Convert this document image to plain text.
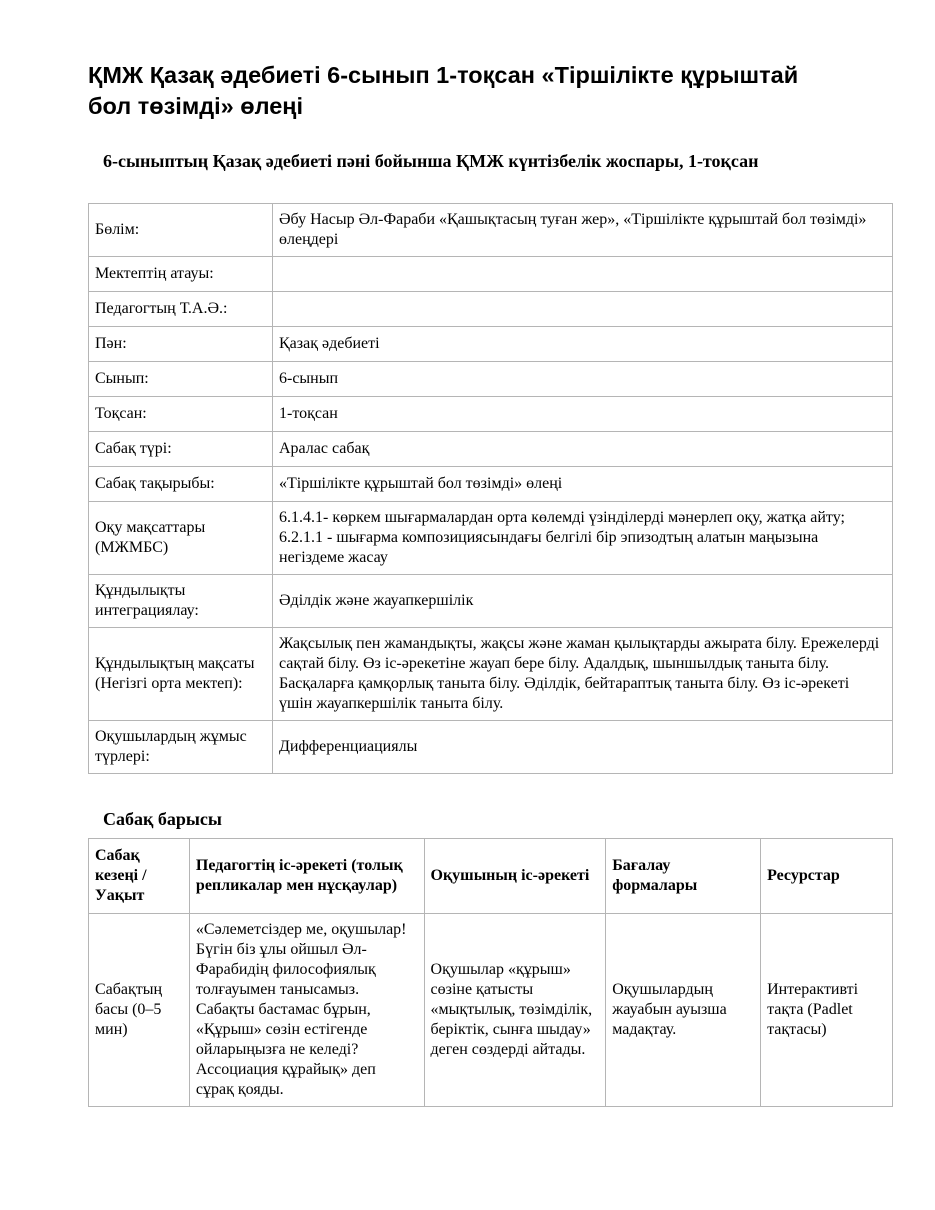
ҚМЖ Қазақ әдебиеті 6-сынып 1-тоқсан «Тіршілікте құрыштай бол төзімді» өлеңі
6-сыныптың Қазақ әдебиеті пәні бойынша ҚМЖ күнтізбелік жоспары, 1-тоқсан
Бөлім:	Әбу Насыр Әл-Фараби «Қашықтасың туған жер», «Тіршілікте құрыштай бол төзімді» өлеңдері
Мектептің атауы:	
Педагогтың Т.А.Ә.:	
Пән:	Қазақ әдебиеті
Сынып:	6-сынып
Тоқсан:	1-тоқсан
Сабақ түрі:	Аралас сабақ
Сабақ тақырыбы:	«Тіршілікте құрыштай бол төзімді» өлеңі
Оқу мақсаттары (МЖМБС)	6.1.4.1- көркем шығармалардан орта көлемді үзінділерді мәнерлеп оқу, жатқа айту; 6.2.1.1 - шығарма композициясындағы белгілі бір эпизодтың алатын маңызына негіздеме жасау
Құндылықты интеграциялау:	Әділдік және жауапкершілік
Құндылықтың мақсаты (Негізгі орта мектеп):	Жақсылық пен жамандықты, жақсы және жаман қылықтарды ажырата білу. Ережелерді сақтай білу. Өз іс-әрекетіне жауап бере білу. Адалдық, шыншылдық таныта білу. Басқаларға қамқорлық таныта білу. Әділдік, бейтараптық таныта білу. Өз іс-әрекеті үшін жауапкершілік таныта білу.
Оқушылардың жұмыс түрлері:	Дифференциациялы
Сабақ барысы
Сабақ кезеңі / Уақыт	Педагогтің іс-әрекеті (толық репликалар мен нұсқаулар)	Оқушының іс-әрекеті	Бағалау формалары	Ресурстар
Сабақтың басы (0–5 мин)	«Сәлеметсіздер ме, оқушылар! Бүгін біз ұлы ойшыл Әл-Фарабидің философиялық толғауымен танысамыз. Сабақты бастамас бұрын, «Құрыш» сөзін естігенде ойларыңызға не келеді? Ассоциация құрайық» деп сұрақ қояды.	Оқушылар «құрыш» сөзіне қатысты «мықтылық, төзімділік, беріктік, сынға шыдау» деген сөздерді айтады.	Оқушылардың жауабын ауызша мадақтау.	Интерактивті тақта (Padlet тақтасы)
